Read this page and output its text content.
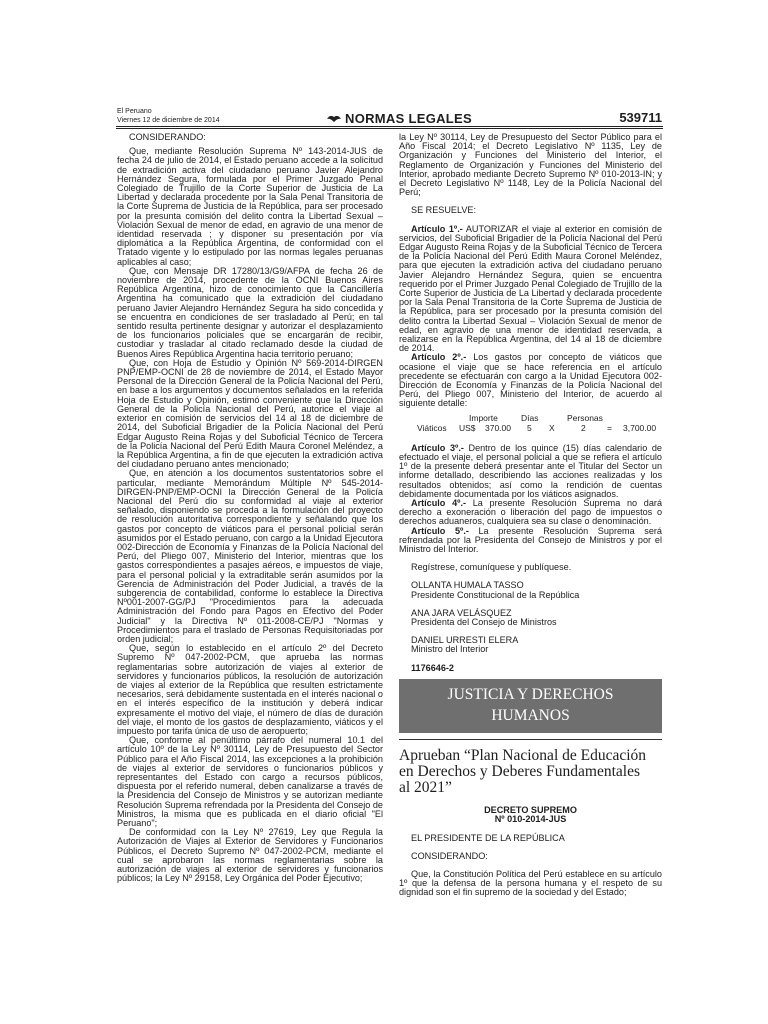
El Peruano
Viernes 12 de diciembre de 2014	NORMAS LEGALES	539711

CONSIDERANDO:

Que, mediante Resolución Suprema Nº 143-2014-JUS de fecha 24 de julio de 2014, el Estado peruano accede a la solicitud de extradición activa del ciudadano peruano Javier Alejandro Hernández Segura, formulada por el Primer Juzgado Penal Colegiado de Trujillo de la Corte Superior de Justicia de La Libertad y declarada procedente por la Sala Penal Transitoria de la Corte Suprema de Justicia de la República, para ser procesado por la presunta comisión del delito contra la Libertad Sexual – Violación Sexual de menor de edad, en agravio de una menor de identidad reservada ; y disponer su presentación por vía diplomática a la República Argentina, de conformidad con el Tratado vigente y lo estipulado por las normas legales peruanas aplicables al caso;

Que, con Mensaje DR 17280/13/G9/AFPA de fecha 26 de noviembre de 2014, procedente de la OCNI Buenos Aires República Argentina, hizo de conocimiento que la Cancillería Argentina ha comunicado que la extradición del ciudadano peruano Javier Alejandro Hernández Segura ha sido concedida y se encuentra en condiciones de ser trasladado al Perú; en tal sentido resulta pertinente designar y autorizar el desplazamiento de los funcionarios policiales que se encargarán de recibir, custodiar y trasladar al citado reclamado desde la ciudad de Buenos Aires República Argentina hacia territorio peruano;

Que, con Hoja de Estudio y Opinión Nº 569-2014-DIRGEN PNP/EMP-OCNI de 28 de noviembre de 2014, el Estado Mayor Personal de la Dirección General de la Policía Nacional del Perú, en base a los argumentos y documentos señalados en la referida Hoja de Estudio y Opinión, estimó conveniente que la Dirección General de la Policía Nacional del Perú, autorice el viaje al exterior en comisión de servicios del 14 al 18 de diciembre de 2014, del Suboficial Brigadier de la Policía Nacional del Perú Edgar Augusto Reina Rojas y del Suboficial Técnico de Tercera de la Policía Nacional del Perú Edith Maura Coronel Meléndez, a la República Argentina, a fin de que ejecuten la extradición activa del ciudadano peruano antes mencionado;

Que, en atención a los documentos sustentatorios sobre el particular, mediante Memorándum Múltiple Nº 545-2014-DIRGEN-PNP/EMP-OCNI la Dirección General de la Policía Nacional del Perú dio su conformidad al viaje al exterior señalado, disponiendo se proceda a la formulación del proyecto de resolución autoritativa correspondiente y señalando que los gastos por concepto de viáticos para el personal policial serán asumidos por el Estado peruano, con cargo a la Unidad Ejecutora 002-Dirección de Economía y Finanzas de la Policía Nacional del Perú, del Pliego 007, Ministerio del Interior, mientras que los gastos correspondientes a pasajes aéreos, e impuestos de viaje, para el personal policial y la extraditable serán asumidos por la Gerencia de Administración del Poder Judicial, a través de la subgerencia de contabilidad, conforme lo establece la Directiva Nº001-2007-GG/PJ "Procedimientos para la adecuada Administración del Fondo para Pagos en Efectivo del Poder Judicial" y la Directiva Nº 011-2008-CE/PJ "Normas y Procedimientos para el traslado de Personas Requisitoriadas por orden judicial;

Que, según lo establecido en el artículo 2º del Decreto Supremo Nº 047-2002-PCM, que aprueba las normas reglamentarias sobre autorización de viajes al exterior de servidores y funcionarios públicos, la resolución de autorización de viajes al exterior de la República que resulten estrictamente necesarios, será debidamente sustentada en el interés nacional o en el interés específico de la institución y deberá indicar expresamente el motivo del viaje, el número de días de duración del viaje, el monto de los gastos de desplazamiento, viáticos y el impuesto por tarifa única de uso de aeropuerto;

Que, conforme al penúltimo párrafo del numeral 10.1 del artículo 10º de la Ley Nº 30114, Ley de Presupuesto del Sector Público para el Año Fiscal 2014, las excepciones a la prohibición de viajes al exterior de servidores o funcionarios públicos y representantes del Estado con cargo a recursos públicos, dispuesta por el referido numeral, deben canalizarse a través de la Presidencia del Consejo de Ministros y se autorizan mediante Resolución Suprema refrendada por la Presidenta del Consejo de Ministros, la misma que es publicada en el diario oficial "El Peruano";

De conformidad con la Ley Nº 27619, Ley que Regula la Autorización de Viajes al Exterior de Servidores y Funcionarios Públicos, el Decreto Supremo Nº 047-2002-PCM, mediante el cual se aprobaron las normas reglamentarias sobre la autorización de viajes al exterior de servidores y funcionarios públicos; la Ley Nº 29158, Ley Orgánica del Poder Ejecutivo;

la Ley Nº 30114, Ley de Presupuesto del Sector Público para el Año Fiscal 2014; el Decreto Legislativo Nº 1135, Ley de Organización y Funciones del Ministerio del Interior, el Reglamento de Organización y Funciones del Ministerio del Interior, aprobado mediante Decreto Supremo Nº 010-2013-IN; y el Decreto Legislativo Nº 1148, Ley de la Policía Nacional del Perú;

SE RESUELVE:

Artículo 1º.- AUTORIZAR el viaje al exterior en comisión de servicios, del Suboficial Brigadier de la Policía Nacional del Perú Edgar Augusto Reina Rojas y de la Suboficial Técnico de Tercera de la Policía Nacional del Perú Edith Maura Coronel Meléndez, para que ejecuten la extradición activa del ciudadano peruano Javier Alejandro Hernández Segura, quien se encuentra requerido por el Primer Juzgado Penal Colegiado de Trujillo de la Corte Superior de Justicia de La Libertad y declarada procedente por la Sala Penal Transitoria de la Corte Suprema de Justicia de la República, para ser procesado por la presunta comisión del delito contra la Libertad Sexual – Violación Sexual de menor de edad, en agravio de una menor de identidad reservada, a realizarse en la República Argentina, del 14 al 18 de diciembre de 2014.

Artículo 2º.- Los gastos por concepto de viáticos que ocasione el viaje que se hace referencia en el artículo precedente se efectuarán con cargo a la Unidad Ejecutora 002-Dirección de Economía y Finanzas de la Policía Nacional del Perú, del Pliego 007, Ministerio del Interior, de acuerdo al siguiente detalle:

Importe	Días	Personas
Viáticos US$ 370.00 5 X	2	= 3,700.00

Artículo 3º.- Dentro de los quince (15) días calendario de efectuado el viaje, el personal policial a que se refiera el artículo 1º de la presente deberá presentar ante el Titular del Sector un informe detallado, describiendo las acciones realizadas y los resultados obtenidos; así como la rendición de cuentas debidamente documentada por los viáticos asignados.

Artículo 4º.- La presente Resolución Suprema no dará derecho a exoneración o liberación del pago de impuestos o derechos aduaneros, cualquiera sea su clase o denominación.

Artículo 5º.- La presente Resolución Suprema será refrendada por la Presidenta del Consejo de Ministros y por el Ministro del Interior.

Regístrese, comuníquese y publíquese.

OLLANTA HUMALA TASSO

Presidente Constitucional de la República

ANA JARA VELÁSQUEZ

Presidenta del Consejo de Ministros

DANIEL URRESTI ELERA

Ministro del Interior

1176646-2

JUSTICIA Y DERECHOS
HUMANOS
Aprueban “Plan Nacional de Educación
en Derechos y Deberes Fundamentales
al 2021”
DECRETO SUPREMO
Nº 010-2014-JUS

EL PRESIDENTE DE LA REPÚBLICA

CONSIDERANDO:

Que, la Constitución Política del Perú establece en su artículo 1º que la defensa de la persona humana y el respeto de su dignidad son el fin supremo de la sociedad y del Estado;
